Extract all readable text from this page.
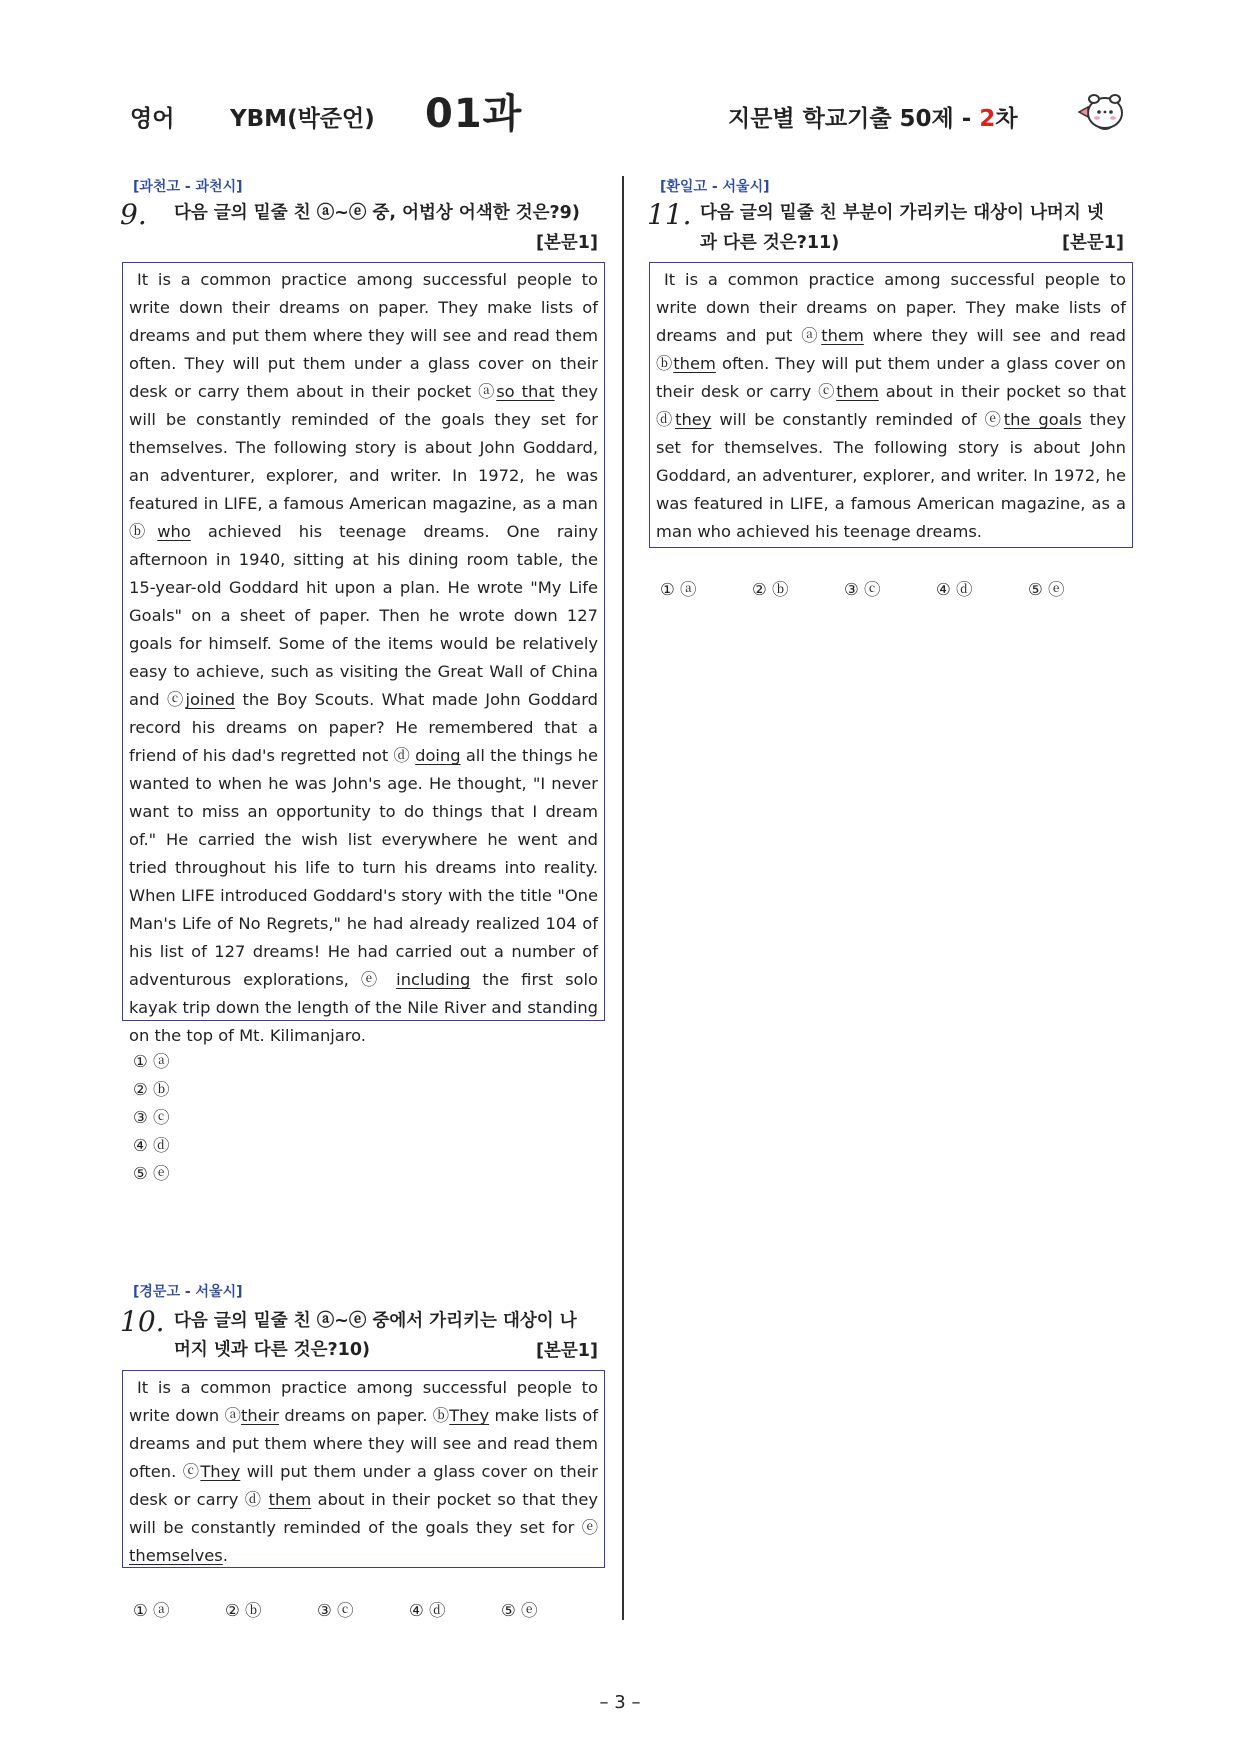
영어 YBM(박준언) 01과	지문별 학교기출 50제 - 2차
[과천고 - 과천시]
9. 다음 글의 밑줄 친 ⓐ~ⓔ 중, 어법상 어색한 것은?9)
[본문1]

It is a common practice among successful people to write down their dreams on paper. They make lists of dreams and put them where they will see and read them often. They will put them under a glass cover on their desk or carry them about in their pocket ⓐso that they will be constantly reminded of the goals they set for themselves. The following story is about John Goddard, an adventurer, explorer, and writer. In 1972, he was featured in LIFE, a famous American magazine, as a man ⓑwho achieved his teenage dreams. One rainy afternoon in 1940, sitting at his dining room table, the 15-year-old Goddard hit upon a plan. He wrote "My Life Goals" on a sheet of paper. Then he wrote down 127 goals for himself. Some of the items would be relatively easy to achieve, such as visiting the Great Wall of China and ⓒjoined the Boy Scouts. What made John Goddard record his dreams on paper? He remembered that a friend of his dad's regretted not ⓓ doing all the things he wanted to when he was John's age. He thought, "I never want to miss an opportunity to do things that I dream of." He carried the wish list everywhere he went and tried throughout his life to turn his dreams into reality. When LIFE introduced Goddard's story with the title "One Man's Life of No Regrets," he had already realized 104 of his list of 127 dreams! He had carried out a number of adventurous explorations, ⓔ including the first solo kayak trip down the length of the Nile River and standing on the top of Mt. Kilimanjaro.

① ⓐ
② ⓑ
③ ⓒ
④ ⓓ
⑤ ⓔ
[경문고 - 서울시]
10. 다음 글의 밑줄 친 ⓐ~ⓔ 중에서 가리키는 대상이 나
머지 넷과 다른 것은?10)	[본문1]

It is a common practice among successful people to write down ⓐtheir dreams on paper. ⓑThey make lists of dreams and put them where they will see and read them often. ⓒThey will put them under a glass cover on their desk or carry ⓓ them about in their pocket so that they will be constantly reminded of the goals they set for ⓔ themselves.

① ⓐ	② ⓑ	③ ⓒ	④ ⓓ	⑤ ⓔ
[환일고 - 서울시]
11. 다음 글의 밑줄 친 부분이 가리키는 대상이 나머지 넷
과 다른 것은?11)	[본문1]

It is a common practice among successful people to write down their dreams on paper. They make lists of dreams and put ⓐthem where they will see and read ⓑthem often. They will put them under a glass cover on their desk or carry ⓒthem about in their pocket so that ⓓthey will be constantly reminded of ⓔthe goals they set for themselves. The following story is about John Goddard, an adventurer, explorer, and writer. In 1972, he was featured in LIFE, a famous American magazine, as a man who achieved his teenage dreams.

① ⓐ	② ⓑ	③ ⓒ	④ ⓓ	⑤ ⓔ
– 3 –
